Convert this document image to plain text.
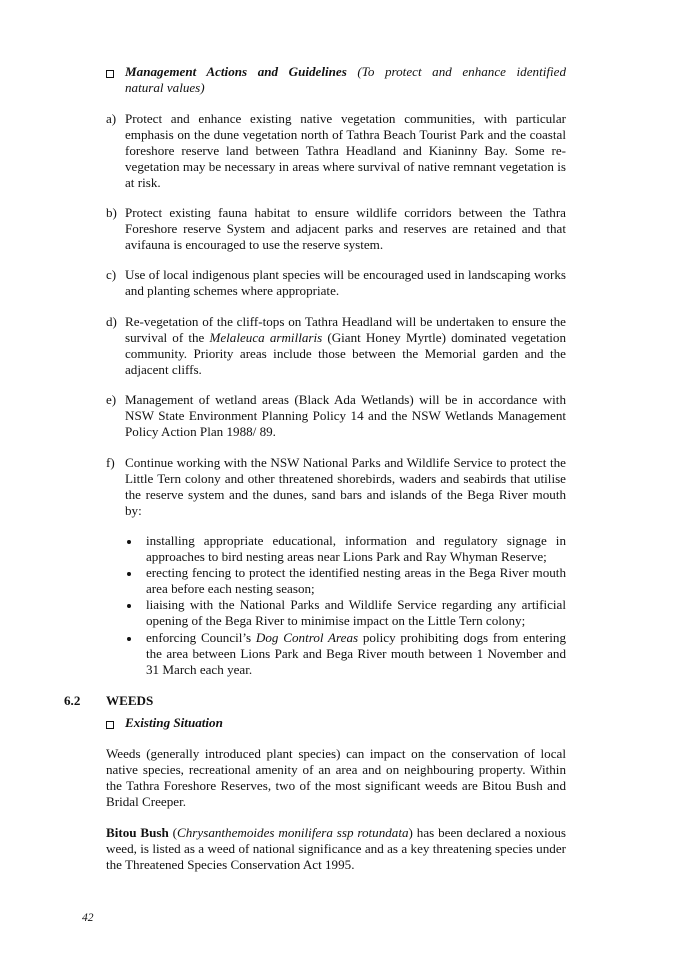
Management Actions and Guidelines (To protect and enhance identified
natural values)
a) Protect and enhance existing native vegetation communities, with particular emphasis on the dune vegetation north of Tathra Beach Tourist Park and the coastal foreshore reserve land between Tathra Headland and Kianinny Bay. Some re-vegetation may be necessary in areas where survival of native remnant vegetation is at risk.
b) Protect existing fauna habitat to ensure wildlife corridors between the Tathra Foreshore reserve System and adjacent parks and reserves are retained and that avifauna is encouraged to use the reserve system.
c) Use of local indigenous plant species will be encouraged used in landscaping works and planting schemes where appropriate.
d) Re-vegetation of the cliff-tops on Tathra Headland will be undertaken to ensure the survival of the Melaleuca armillaris (Giant Honey Myrtle) dominated vegetation community. Priority areas include those between the Memorial garden and the adjacent cliffs.
e) Management of wetland areas (Black Ada Wetlands) will be in accordance with NSW State Environment Planning Policy 14 and the NSW Wetlands Management Policy Action Plan 1988/ 89.
f) Continue working with the NSW National Parks and Wildlife Service to protect the Little Tern colony and other threatened shorebirds, waders and seabirds that utilise the reserve system and the dunes, sand bars and islands of the Bega River mouth by:
installing appropriate educational, information and regulatory signage in approaches to bird nesting areas near Lions Park and Ray Whyman Reserve;
erecting fencing to protect the identified nesting areas in the Bega River mouth area before each nesting season;
liaising with the National Parks and Wildlife Service regarding any artificial opening of the Bega River to minimise impact on the Little Tern colony;
enforcing Council’s Dog Control Areas policy prohibiting dogs from entering the area between Lions Park and Bega River mouth between 1 November and 31 March each year.
6.2 WEEDS
Existing Situation
Weeds (generally introduced plant species) can impact on the conservation of local native species, recreational amenity of an area and on neighbouring property. Within the Tathra Foreshore Reserves, two of the most significant weeds are Bitou Bush and Bridal Creeper.
Bitou Bush (Chrysanthemoides monilifera ssp rotundata) has been declared a noxious weed, is listed as a weed of national significance and as a key threatening species under the Threatened Species Conservation Act 1995.
42
